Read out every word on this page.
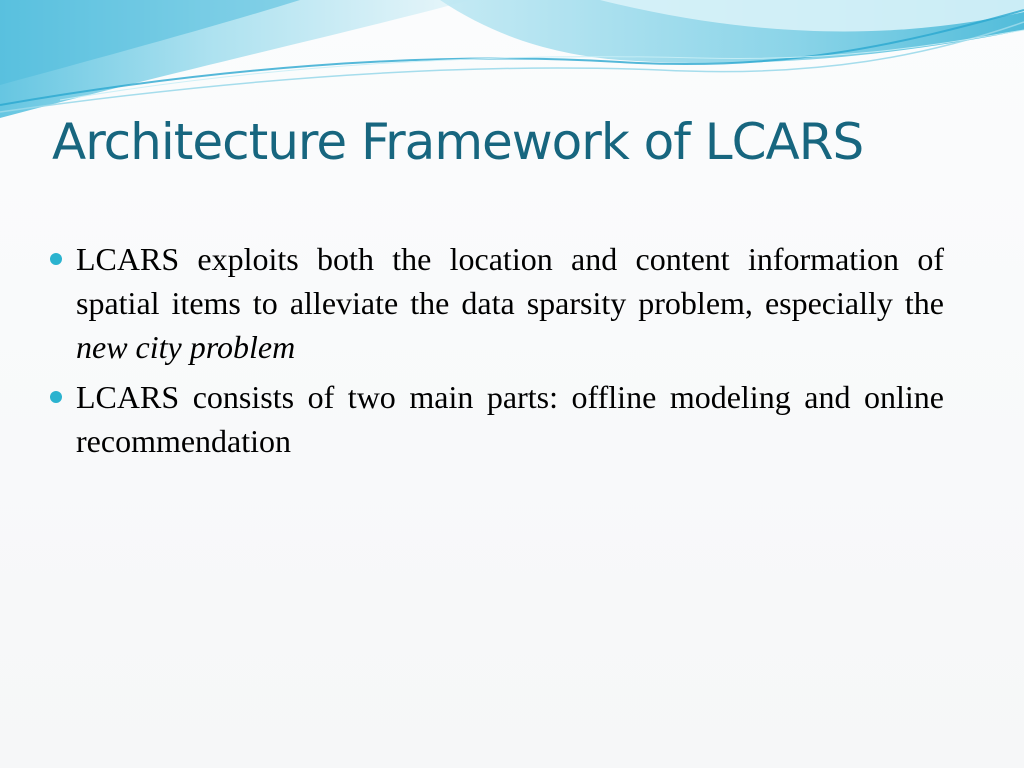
Architecture Framework of LCARS
LCARS exploits both the location and content information of spatial items to alleviate the data sparsity problem, especially the new city problem
LCARS consists of two main parts: offline modeling and online recommendation
